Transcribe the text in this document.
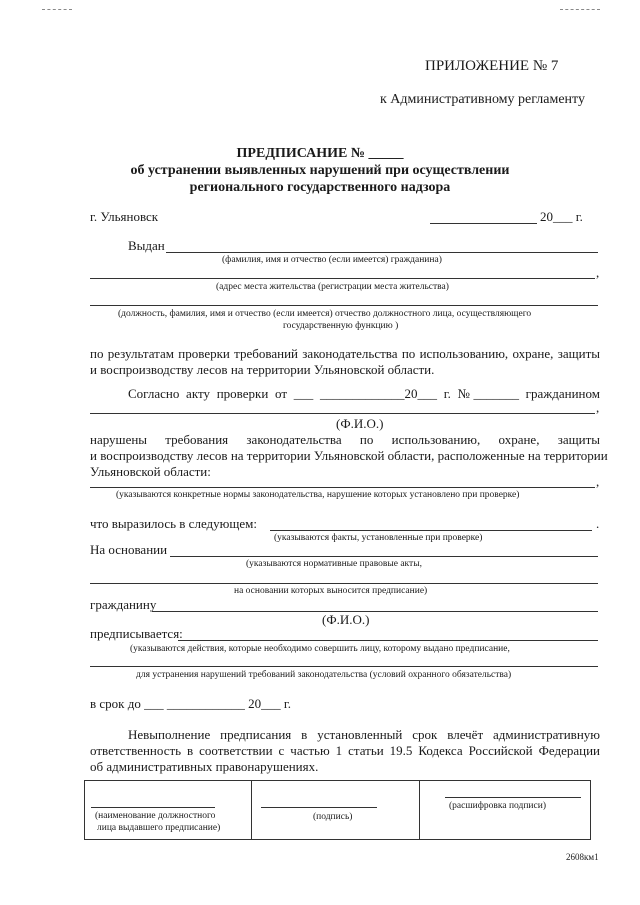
ПРИЛОЖЕНИЕ № 7
к Административному регламенту
ПРЕДПИСАНИЕ № _____
об устранении выявленных нарушений при осуществлении
регионального государственного надзора
г. Ульяновск	20___ г.
Выдан
(фамилия, имя и отчество (если имеется) гражданина)
,
(адрес места жительства (регистрации места жительства)
(должность, фамилия, имя и отчество (если имеется) отчество должностного лица, осуществляющего
государственную функцию )
по результатам проверки требований законодательства по использованию, охране, защиты
и воспроизводству лесов на территории Ульяновской области.
Согласно акту проверки от ___ _____________20___ г. №_______ гражданином
,
(Ф.И.О.)
нарушены требования законодательства по использованию, охране, защиты
и воспроизводству лесов на территории Ульяновской области, расположенные на территории
Ульяновской области:
,
(указываются конкретные нормы законодательства, нарушение которых установлено при проверке)
что выразилось в следующем:	.
(указываются факты, установленные при проверке)
На основании
(указываются нормативные правовые акты,
на основании которых выносится предписание)
гражданину
(Ф.И.О.)
предписывается:
(указываются действия, которые необходимо совершить лицу, которому выдано предписание,
для устранения нарушений требований законодательства (условий охранного обязательства)
в срок до ___ ____________ 20___ г.
Невыполнение предписания в установленный срок влечёт административную
ответственность в соответствии с частью 1 статьи 19.5 Кодекса Российской Федерации
об административных правонарушениях.
(наименование должностного
лица выдавшего предписание)
(подпись)
(расшифровка подписи)
2608км1
